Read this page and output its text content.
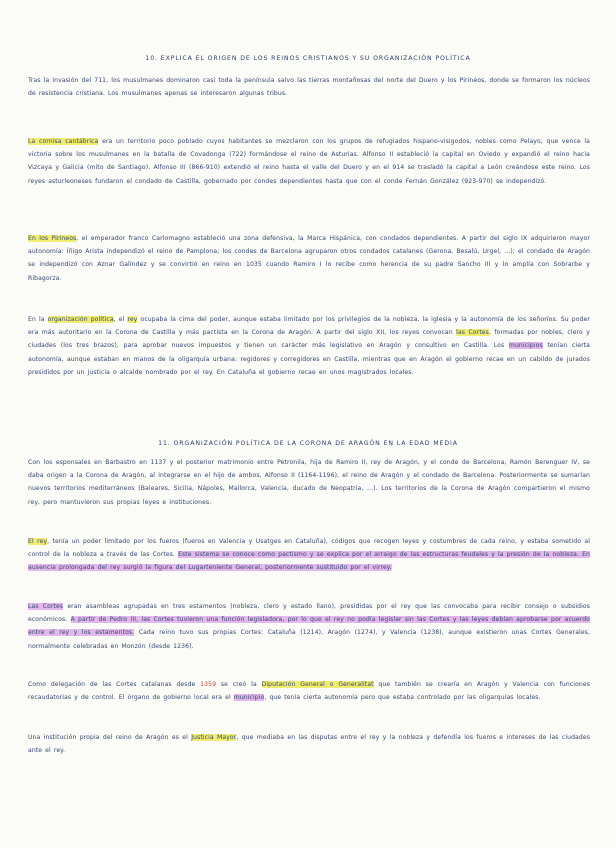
10. EXPLICA EL ORIGEN DE LOS REINOS CRISTIANOS Y SU ORGANIZACIÓN POLÍTICA
Tras la invasión del 711, los musulmanes dominaron casi toda la península salvo las tierras montañosas del norte del Duero y los Pirineos, donde se formaron los núcleos de resistencia cristiana. Los musulmanes apenas se interesaron algunas tribus.
La cornisa cantábrica era un territorio poco poblado cuyos habitantes se mezclaron con los grupos de refugiados hispano-visigodos, nobles como Pelayo, que vence la victoria sobre los musulmanes en la batalla de Covadonga (722) formándose el reino de Asturias. Alfonso II estableció la capital en Oviedo y expandió el reino hacia Vizcaya y Galicia (mito de Santiago). Alfonso III (866-910) extendió el reino hasta el valle del Duero y en el 914 se trasladó la capital a León creándose este reino. Los reyes asturleoneses fundaron el condado de Castilla, gobernado por condes dependientes hasta que con el conde Fernán González (923-970) se independizó.
En los Pirineos, el emperador franco Carlomagno estableció una zona defensiva, la Marca Hispánica, con condados dependientes. A partir del siglo IX adquirieron mayor autonomía: Íñigo Arista independizó el reino de Pamplona; los condes de Barcelona agruparon otros condados catalanes (Gerona, Besalú, Urgel, ...); el condado de Aragón se independizó con Aznar Galíndez y se convirtió en reino en 1035 cuando Ramiro I lo recibe como herencia de su padre Sancho III y lo amplía con Sobrarbe y Ribagorza.
En la organización política, el rey ocupaba la cima del poder, aunque estaba limitado por los privilegios de la nobleza, la iglesia y la autonomía de los señoríos. Su poder era más autoritario en la Corona de Castilla y más pactista en la Corona de Aragón. A partir del siglo XII, los reyes convocan las Cortes, formadas por nobles, clero y ciudades (los tres brazos), para aprobar nuevos impuestos y tienen un carácter más legislativo en Aragón y consultivo en Castilla. Los municipios tenían cierta autonomía, aunque estaban en manos de la oligarquía urbana: regidores y corregidores en Castilla, mientras que en Aragón el gobierno recae en un cabildo de jurados presididos por un justicia o alcalde nombrado por el rey. En Cataluña el gobierno recae en unos magistrados locales.
11. ORGANIZACIÓN POLÍTICA DE LA CORONA DE ARAGÓN EN LA EDAD MEDIA
Con los esponsales en Barbastro en 1137 y el posterior matrimonio entre Petronila, hija de Ramiro II, rey de Aragón, y el conde de Barcelona, Ramón Berenguer IV, se daba origen a la Corona de Aragón, al integrarse en el hijo de ambos, Alfonso II (1164-1196), el reino de Aragón y el condado de Barcelona. Posteriormente se sumarían nuevos territorios mediterráneos (Baleares, Sicilia, Nápoles, Mallorca, Valencia, ducado de Neopatria, ...). Los territorios de la Corona de Aragón compartieron el mismo rey, pero mantuvieron sus propias leyes e instituciones.
El rey, tenía un poder limitado por los fueros (fueros en Valencia y Usatges en Cataluña), códigos que recogen leyes y costumbres de cada reino, y estaba sometido al control de la nobleza a través de las Cortes. Este sistema se conoce como pactismo y se explica por el arraigo de las estructuras feudales y la presión de la nobleza. En ausencia prolongada del rey surgió la figura del Lugarteniente General, posteriormente sustituido por el virrey.
Las Cortes eran asambleas agrupadas en tres estamentos (nobleza, clero y estado llano), presididas por el rey que las convocaba para recibir consejo o subsidios económicos. A partir de Pedro III, las Cortes tuvieron una función legisladora, por lo que el rey no podía legislar sin las Cortes y las leyes debían aprobarse por acuerdo entre el rey y los estamentos. Cada reino tuvo sus propias Cortes: Cataluña (1214), Aragón (1274), y Valencia (1238), aunque existieron unas Cortes Generales, normalmente celebradas en Monzón (desde 1236).
Como delegación de las Cortes catalanas desde 1359 se creó la Diputación General o Generalitat que también se crearía en Aragón y Valencia con funciones recaudatorias y de control. El órgano de gobierno local era el municipio, que tenía cierta autonomía pero que estaba controlado por las oligarquías locales.
Una institución propia del reino de Aragón es el Justicia Mayor, que mediaba en las disputas entre el rey y la nobleza y defendía los fueros e intereses de las ciudades ante el rey.
